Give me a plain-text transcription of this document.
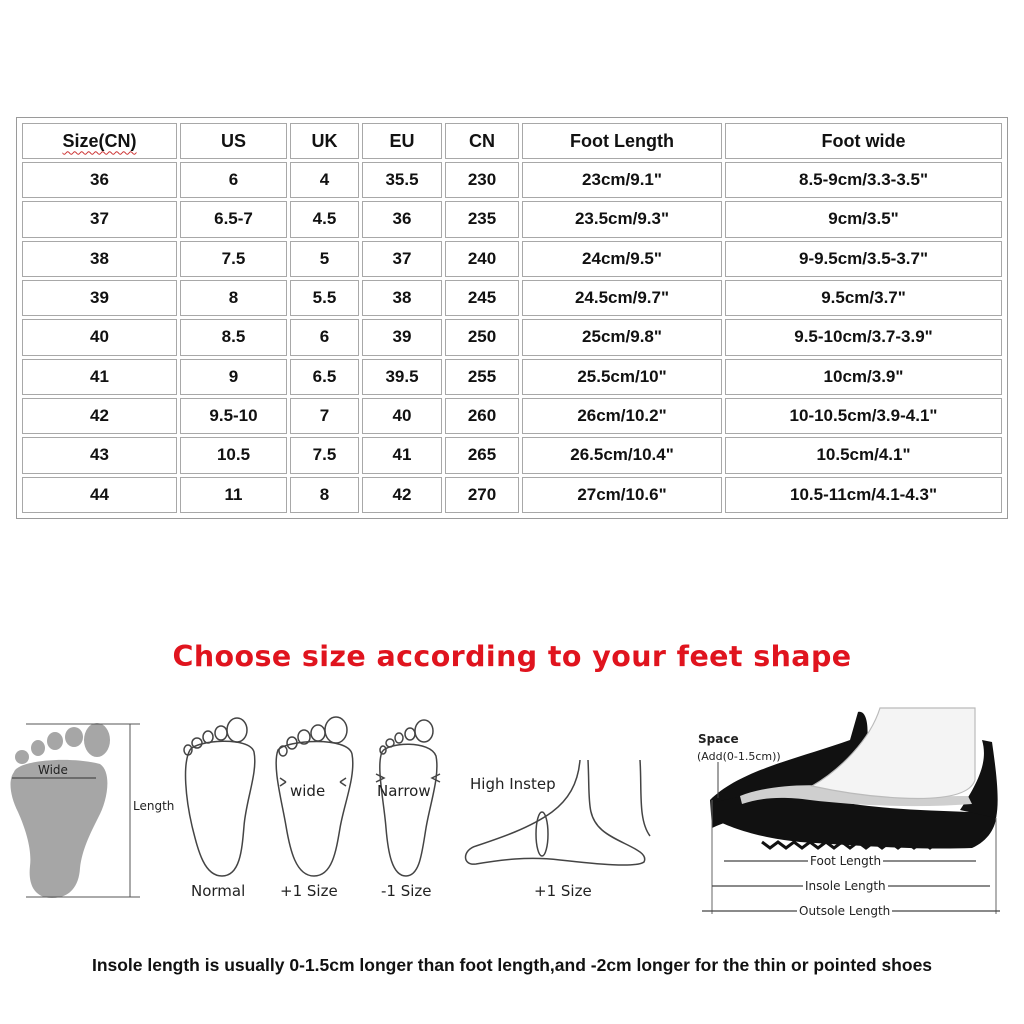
Size(CN)	US	UK	EU	CN	Foot Length	Foot wide
36	6	4	35.5	230	23cm/9.1"	8.5-9cm/3.3-3.5"
37	6.5-7	4.5	36	235	23.5cm/9.3"	9cm/3.5"
38	7.5	5	37	240	24cm/9.5"	9-9.5cm/3.5-3.7"
39	8	5.5	38	245	24.5cm/9.7"	9.5cm/3.7"
40	8.5	6	39	250	25cm/9.8"	9.5-10cm/3.7-3.9"
41	9	6.5	39.5	255	25.5cm/10"	10cm/3.9"
42	9.5-10	7	40	260	26cm/10.2"	10-10.5cm/3.9-4.1"
43	10.5	7.5	41	265	26.5cm/10.4"	10.5cm/4.1"
44	11	8	42	270	27cm/10.6"	10.5-11cm/4.1-4.3"
Choose size according to your feet shape
Wide
Length
Normal
wide
+1 Size
Narrow
-1 Size
High Instep
+1 Size
Space
(Add(0-1.5cm))
Foot Length
Insole Length
Outsole Length
Insole length is usually 0-1.5cm longer than foot length,and -2cm longer for the thin or pointed shoes
